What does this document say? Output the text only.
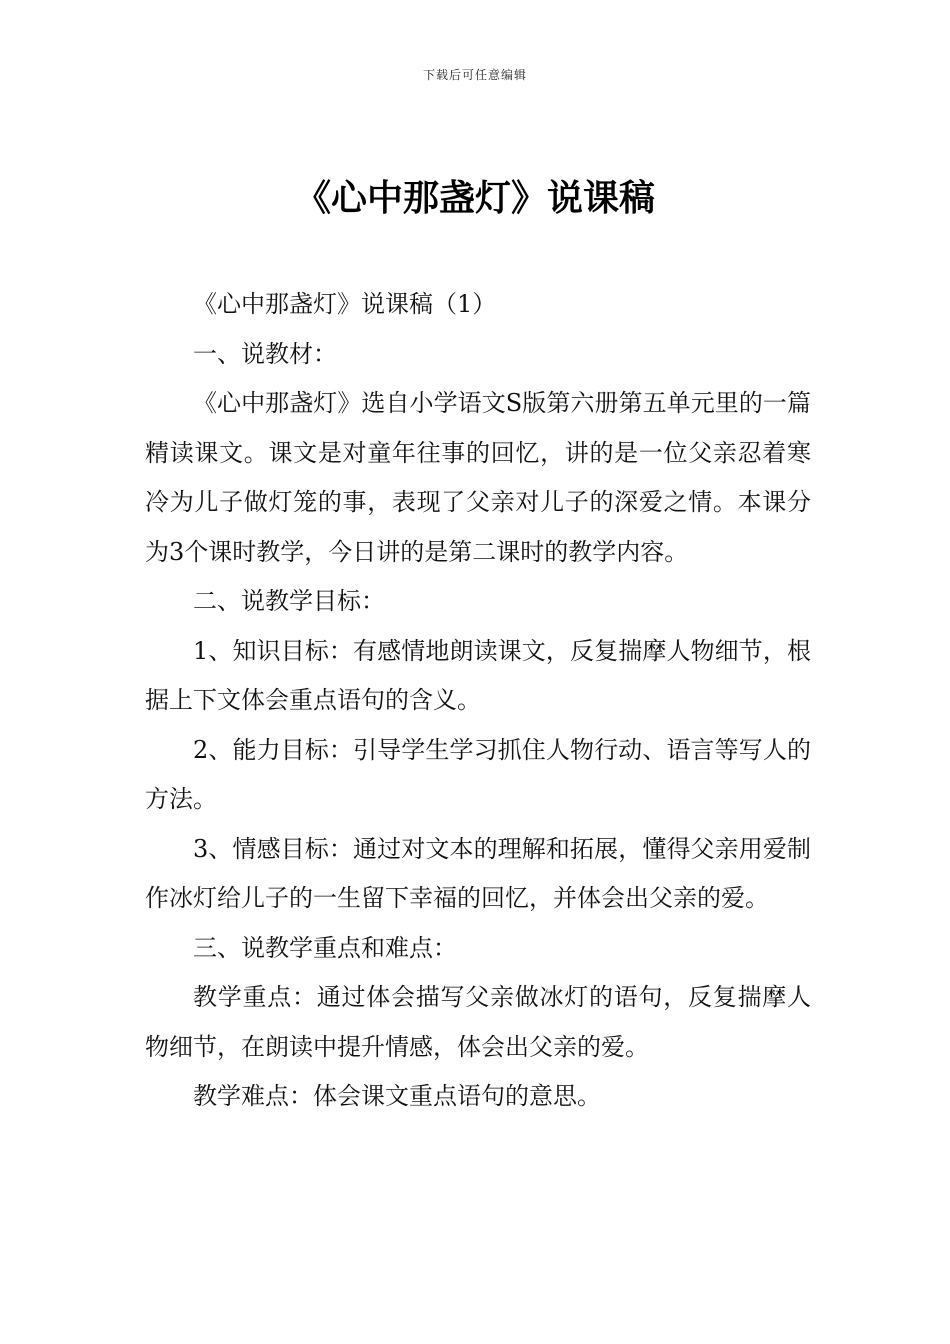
下载后可任意编辑
《心中那盏灯》说课稿

《心中那盏灯》说课稿（1）

一、说教材：

《心中那盏灯》选自小学语文S版第六册第五单元里的一篇精读课文。课文是对童年往事的回忆，讲的是一位父亲忍着寒冷为儿子做灯笼的事，表现了父亲对儿子的深爱之情。本课分为3个课时教学，今日讲的是第二课时的教学内容。

二、说教学目标：

1、知识目标：有感情地朗读课文，反复揣摩人物细节，根据上下文体会重点语句的含义。

2、能力目标：引导学生学习抓住人物行动、语言等写人的方法。

3、情感目标：通过对文本的理解和拓展，懂得父亲用爱制作冰灯给儿子的一生留下幸福的回忆，并体会出父亲的爱。

三、说教学重点和难点：

教学重点：通过体会描写父亲做冰灯的语句，反复揣摩人物细节，在朗读中提升情感，体会出父亲的爱。

教学难点：体会课文重点语句的意思。
